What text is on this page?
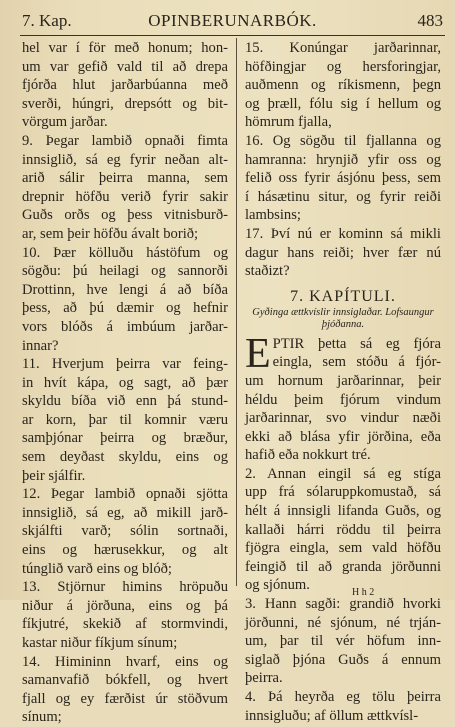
7. Kap.	OPINBERUNARBÓK.	483

hel var í för með honum; hon-
um var gefið vald til að drepa
fjórða hlut jarðarbúanna með
sverði, húngri, drepsótt og bit-
vörgum jarðar.

9. Þegar lambið opnaði fimta
innsiglið, sá eg fyrir neðan alt-
arið sálir þeirra manna, sem
drepnir höfðu verið fyrir sakir
Guðs orðs og þess vitnisburð-
ar, sem þeir höfðu ávalt borið;

10. Þær kölluðu hástöfum og
sögðu: þú heilagi og sannorði
Drottinn, hve lengi á að bíða
þess, að þú dæmir og hefnir
vors blóðs á imbúum jarðar-
innar?

11. Hverjum þeirra var feing-
in hvít kápa, og sagt, að þær
skyldu bíða við enn þá stund-
ar korn, þar til komnir væru
samþjónar þeirra og bræður,
sem deyðast skyldu, eins og
þeir sjálfir.

12. Þegar lambið opnaði sjötta
innsiglið, sá eg, að mikill jarð-
skjálfti varð; sólin sortnaði,
eins og hærusekkur, og alt
túnglið varð eins og blóð;

13. Stjörnur himins hröpuðu
niður á jörðuna, eins og þá
fíkjutré, skekið af stormvindi,
kastar niður fíkjum sínum;

14. Himininn hvarf, eins og
samanvafið bókfell, og hvert
fjall og ey færðist úr stöðvum
sínum;

15. Konúngar jarðarinnar,
höfðingjar og hersforingjar,
auðmenn og ríkismenn, þegn
og þræll, fólu sig í hellum og
hömrum fjalla,

16. Og sögðu til fjallanna og
hamranna: hrynjið yfir oss og
felið oss fyrir ásjónu þess, sem
í hásætinu situr, og fyrir reiði
lambsins;

17. Því nú er kominn sá mikli
dagur hans reiði; hver fær nú
staðizt?

7. KAPÍTULI.
Gyðinga ættkvíslir innsiglaðar. Lofsaungur
þjóðanna.

E PTIR þetta sá eg fjóra
eingla, sem stóðu á fjór-
um hornum jarðarinnar, þeir
héldu þeim fjórum vindum
jarðarinnar, svo vindur næði
ekki að blása yfir jörðina, eða
hafið eða nokkurt tré.

2. Annan eingil sá eg stíga
upp frá sólaruppkomustað, sá
hélt á innsigli lifanda Guðs, og
kallaði hárri röddu til þeirra
fjögra eingla, sem vald höfðu
feingið til að granda jörðunni
og sjónum.

3. Hann sagði: grandið hvorki
jörðunni, né sjónum, né trján-
um, þar til vér höfum inn-
siglað þjóna Guðs á ennum
þeirra.

4. Þá heyrða eg tölu þeirra
innsigluðu; af öllum ættkvísl-

H h 2
